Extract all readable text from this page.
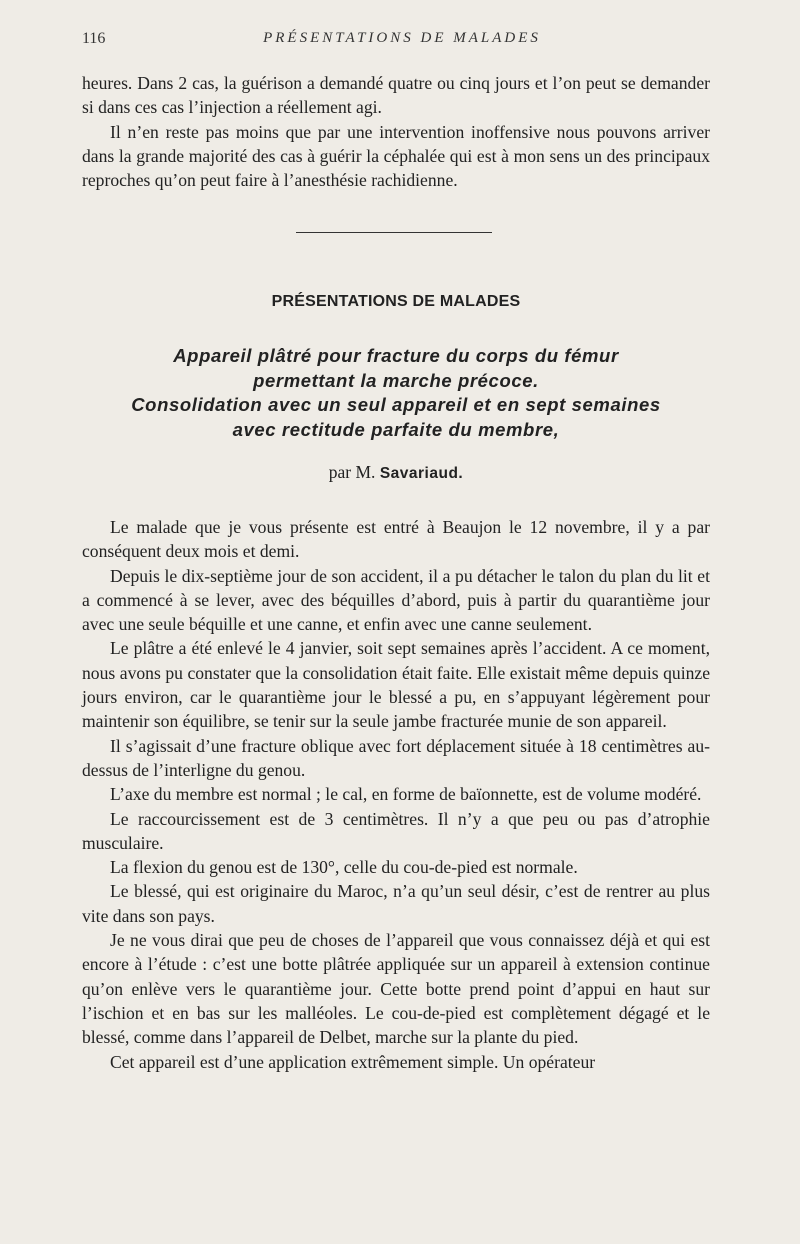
116	PRÉSENTATIONS DE MALADES

heures. Dans 2 cas, la guérison a demandé quatre ou cinq jours et l’on peut se demander si dans ces cas l’injection a réellement agi.

Il n’en reste pas moins que par une intervention inoffensive nous pouvons arriver dans la grande majorité des cas à guérir la céphalée qui est à mon sens un des principaux reproches qu’on peut faire à l’anesthésie rachidienne.

PRÉSENTATIONS DE MALADES
Appareil plâtré pour fracture du corps du fémur
permettant la marche précoce.
Consolidation avec un seul appareil et en sept semaines
avec rectitude parfaite du membre,
par M. Savariaud.

Le malade que je vous présente est entré à Beaujon le 12 novembre, il y a par conséquent deux mois et demi.

Depuis le dix-septième jour de son accident, il a pu détacher le talon du plan du lit et a commencé à se lever, avec des béquilles d’abord, puis à partir du quarantième jour avec une seule béquille et une canne, et enfin avec une canne seulement.

Le plâtre a été enlevé le 4 janvier, soit sept semaines après l’accident. A ce moment, nous avons pu constater que la consolidation était faite. Elle existait même depuis quinze jours environ, car le quarantième jour le blessé a pu, en s’appuyant légèrement pour maintenir son équilibre, se tenir sur la seule jambe fracturée munie de son appareil.

Il s’agissait d’une fracture oblique avec fort déplacement située à 18 centimètres au-dessus de l’interligne du genou.

L’axe du membre est normal ; le cal, en forme de baïonnette, est de volume modéré.

Le raccourcissement est de 3 centimètres. Il n’y a que peu ou pas d’atrophie musculaire.

La flexion du genou est de 130°, celle du cou-de-pied est normale.

Le blessé, qui est originaire du Maroc, n’a qu’un seul désir, c’est de rentrer au plus vite dans son pays.

Je ne vous dirai que peu de choses de l’appareil que vous connaissez déjà et qui est encore à l’étude : c’est une botte plâtrée appliquée sur un appareil à extension continue qu’on enlève vers le quarantième jour. Cette botte prend point d’appui en haut sur l’ischion et en bas sur les malléoles. Le cou-de-pied est complètement dégagé et le blessé, comme dans l’appareil de Delbet, marche sur la plante du pied.

Cet appareil est d’une application extrêmement simple. Un opérateur
